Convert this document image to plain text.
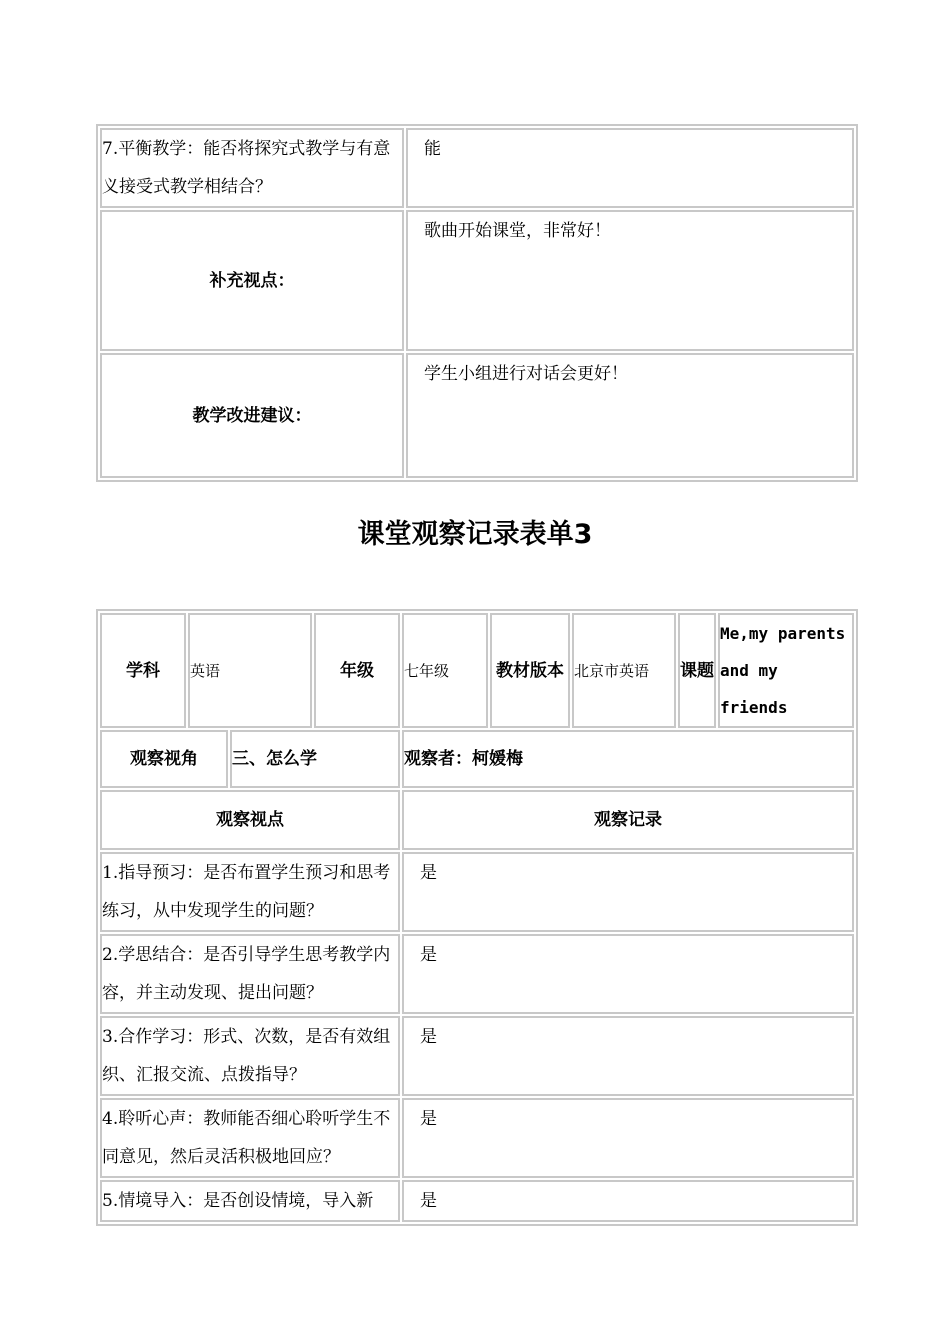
7.平衡教学：能否将探究式教学与有意义接受式教学相结合？	能
补充视点：	歌曲开始课堂，非常好！
教学改进建议：	学生小组进行对话会更好！
课堂观察记录表单3
学科	英语		年级	七年级	教材版本	北京市英语	课题	Me,my parents and my friends
观察视角		三、怎么学		观察者：柯媛梅				
观察视点				观察记录				
1.指导预习：是否布置学生预习和思考练习，从中发现学生的问题？				是				
2.学思结合：是否引导学生思考教学内容，并主动发现、提出问题？				是				
3.合作学习：形式、次数，是否有效组织、汇报交流、点拨指导？				是				
4.聆听心声：教师能否细心聆听学生不同意见，然后灵活积极地回应？				是				
5.情境导入：是否创设情境，导入新				是				
